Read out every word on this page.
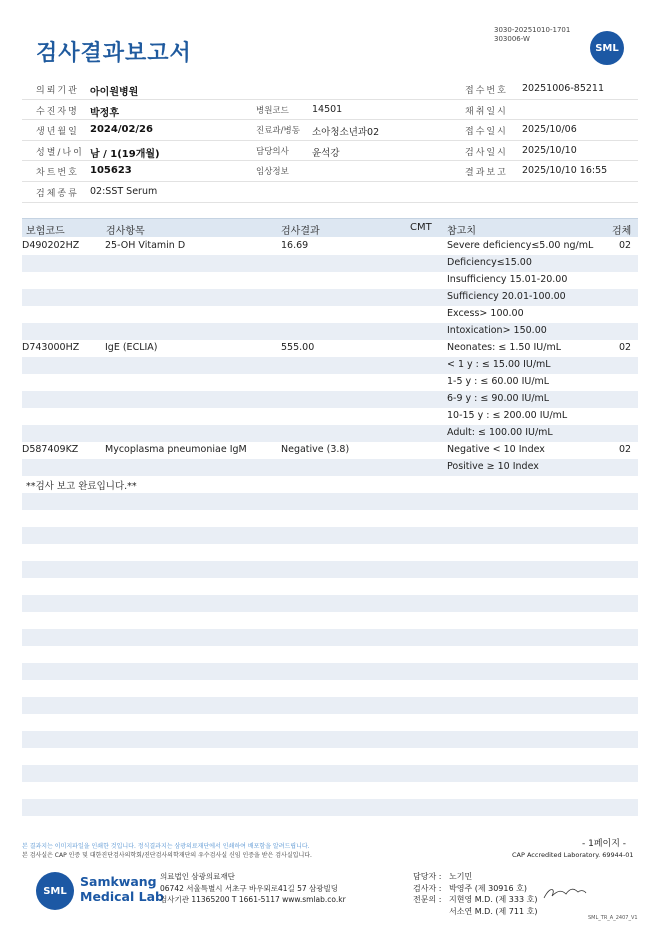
검사결과보고서
3030-20251010-1701
303006-W
SML
의뢰기관 아이원병원	접수번호 20251006-85211
수진자명 박정후	병원코드 14501	채취일시
생년월일 2024/02/26	진료과/병동 소아청소년과02	접수일시 2025/10/06
성별/나이 남 / 1(19개월)	담당의사 윤석강	검사일시 2025/10/10
차트번호 105623	임상정보	결과보고 2025/10/10 16:55
검체종류 02:SST Serum
보험코드	검사항목	검사결과	CMT 참고치	검체
D490202HZ	25-OH Vitamin D	16.69	Severe deficiency≤5.00 ng/mL	02
Deficiency≤15.00
Insufficiency 15.01-20.00
Sufficiency 20.01-100.00
Excess> 100.00
Intoxication> 150.00
D743000HZ	IgE (ECLIA)	555.00	Neonates: ≤ 1.50 IU/mL	02
< 1 y : ≤ 15.00 IU/mL
1-5 y : ≤ 60.00 IU/mL
6-9 y : ≤ 90.00 IU/mL
10-15 y : ≤ 200.00 IU/mL
Adult: ≤ 100.00 IU/mL
D587409KZ	Mycoplasma pneumoniae IgM	Negative (3.8)	Negative < 10 Index	02
Positive ≥ 10 Index
**검사 보고 완료입니다.**
본 결과지는 이미지파일을 인쇄한 것입니다. 정식결과지는 삼광의료재단에서 인쇄하여 배포함을 알려드립니다.
본 검사실은 CAP 인증 및 대한진단검사의학회/진단검사의학재단의 우수검사실 신임 인증을 받은 검사실입니다.
- 1페이지 -
CAP Accredited Laboratory. 69944-01
SML
Samkwang
Medical Lab
의료법인 삼광의료재단
06742 서울특별시 서초구 바우뫼로41길 57 삼광빌딩
검사기관 11365200 T 1661-5117 www.smlab.co.kr
담당자 : 노기민
검사자 : 박영주 (제 30916 호)
전문의 : 지현영 M.D. (제 333 호)
서소연 M.D. (제 711 호)
SML_TR_A_2407_V1
